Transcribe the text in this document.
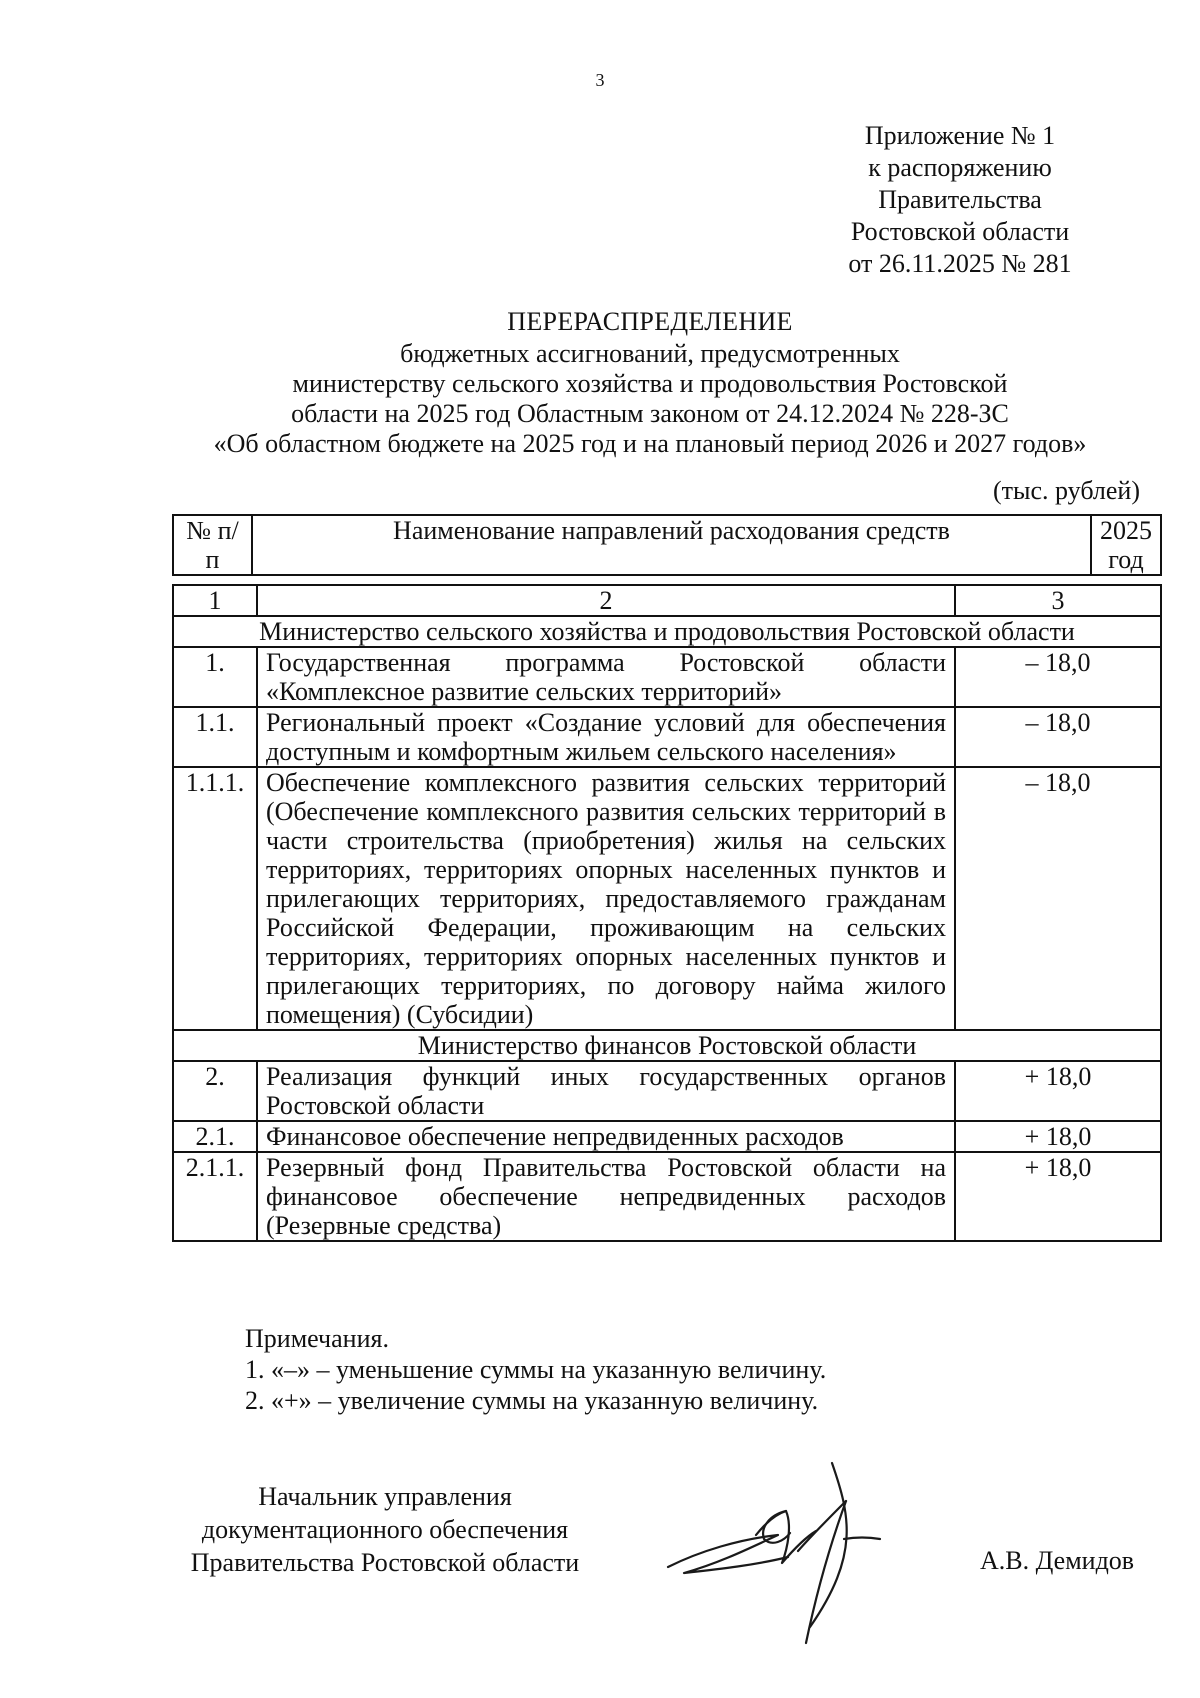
3
Приложение № 1
к распоряжению
Правительства
Ростовской области
от 26.11.2025 № 281
ПЕРЕРАСПРЕДЕЛЕНИЕ
бюджетных ассигнований, предусмотренных
министерству сельского хозяйства и продовольствия Ростовской
области на 2025 год Областным законом от 24.12.2024 № 228-ЗС
«Об областном бюджете на 2025 год и на плановый период 2026 и 2027 годов»
(тыс. рублей)
№ п/п	Наименование направлений расходования средств	2025 год
1	2	3
Министерство сельского хозяйства и продовольствия Ростовской области		
1.	Государственная программа Ростовской области «Комплексное развитие сельских территорий»	– 18,0
1.1.	Региональный проект «Создание условий для обеспечения доступным и комфортным жильем сельского населения»	– 18,0
1.1.1.	Обеспечение комплексного развития сельских территорий (Обеспечение комплексного развития сельских территорий в части строительства (приобретения) жилья на сельских территориях, территориях опорных населенных пунктов и прилегающих территориях, предоставляемого гражданам Российской Федерации, проживающим на сельских территориях, территориях опорных населенных пунктов и прилегающих территориях, по договору найма жилого помещения) (Субсидии)	– 18,0
Министерство финансов Ростовской области		
2.	Реализация функций иных государственных органов Ростовской области	+ 18,0
2.1.	Финансовое обеспечение непредвиденных расходов	+ 18,0
2.1.1.	Резервный фонд Правительства Ростовской области на финансовое обеспечение непредвиденных расходов (Резервные средства)	+ 18,0
Примечания.
1. «–» – уменьшение суммы на указанную величину.
2. «+» – увеличение суммы на указанную величину.
Начальник управления
документационного обеспечения
Правительства Ростовской области	А.В. Демидов
